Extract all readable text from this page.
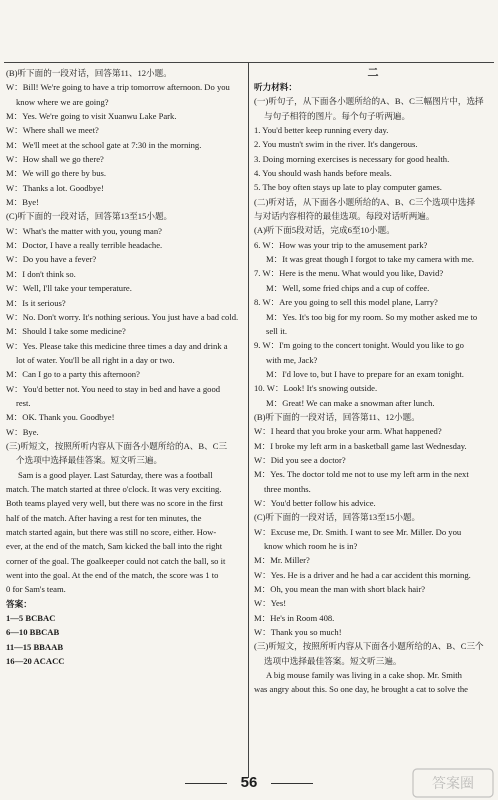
(B)听下面的一段对话，回答第11、12小题。
W：Bill! We're going to have a trip tomorrow afternoon. Do you
know where we are going?
M：Yes. We're going to visit Xuanwu Lake Park.
W：Where shall we meet?
M：We'll meet at the school gate at 7:30 in the morning.
W：How shall we go there?
M：We will go there by bus.
W：Thanks a lot. Goodbye!
M：Bye!
(C)听下面的一段对话，回答第13至15小题。
W：What's the matter with you, young man?
M：Doctor, I have a really terrible headache.
W：Do you have a fever?
M：I don't think so.
W：Well, I'll take your temperature.
M：Is it serious?
W：No. Don't worry. It's nothing serious. You just have a bad cold.
M：Should I take some medicine?
W：Yes. Please take this medicine three times a day and drink a
lot of water. You'll be all right in a day or two.
M：Can I go to a party this afternoon?
W：You'd better not. You need to stay in bed and have a good
rest.
M：OK. Thank you. Goodbye!
W：Bye.
(三)听短文，按照所听内容从下面各小题所给的A、B、C三
个选项中选择最佳答案。短文听三遍。
Sam is a good player. Last Saturday, there was a football
match. The match started at three o'clock. It was very exciting.
Both teams played very well, but there was no score in the first
half of the match. After having a rest for ten minutes, the
match started again, but there was still no score, either. How-
ever, at the end of the match, Sam kicked the ball into the right
corner of the goal. The goalkeeper could not catch the ball, so it
went into the goal. At the end of the match, the score was 1 to
0 for Sam's team.
答案：
1—5 BCBAC
6—10 BBCAB
11—15 BBAAB
16—20 ACACC
二
听力材料：
(一)听句子，从下面各小题所给的A、B、C三幅图片中，选择
与句子相符的图片。每个句子听两遍。
1. You'd better keep running every day.
2. You mustn't swim in the river. It's dangerous.
3. Doing morning exercises is necessary for good health.
4. You should wash hands before meals.
5. The boy often stays up late to play computer games.
(二)听对话，从下面各小题所给的A、B、C三个选项中选择
与对话内容相符的最佳选项。每段对话听两遍。
(A)听下面5段对话，完成6至10小题。
6. W：How was your trip to the amusement park?
M：It was great though I forgot to take my camera with me.
7. W：Here is the menu. What would you like, David?
M：Well, some fried chips and a cup of coffee.
8. W：Are you going to sell this model plane, Larry?
M：Yes. It's too big for my room. So my mother asked me to
sell it.
9. W：I'm going to the concert tonight. Would you like to go
with me, Jack?
M：I'd love to, but I have to prepare for an exam tonight.
10. W：Look! It's snowing outside.
M：Great! We can make a snowman after lunch.
(B)听下面的一段对话，回答第11、12小题。
W：I heard that you broke your arm. What happened?
M：I broke my left arm in a basketball game last Wednesday.
W：Did you see a doctor?
M：Yes. The doctor told me not to use my left arm in the next
three months.
W：You'd better follow his advice.
(C)听下面的一段对话，回答第13至15小题。
W：Excuse me, Dr. Smith. I want to see Mr. Miller. Do you
know which room he is in?
M：Mr. Miller?
W：Yes. He is a driver and he had a car accident this morning.
M：Oh, you mean the man with short black hair?
W：Yes!
M：He's in Room 408.
W：Thank you so much!
(三)听短文，按照所听内容从下面各小题所给的A、B、C三个
选项中选择最佳答案。短文听三遍。
A big mouse family was living in a cake shop. Mr. Smith
was angry about this. So one day, he brought a cat to solve the
56	答案圈
